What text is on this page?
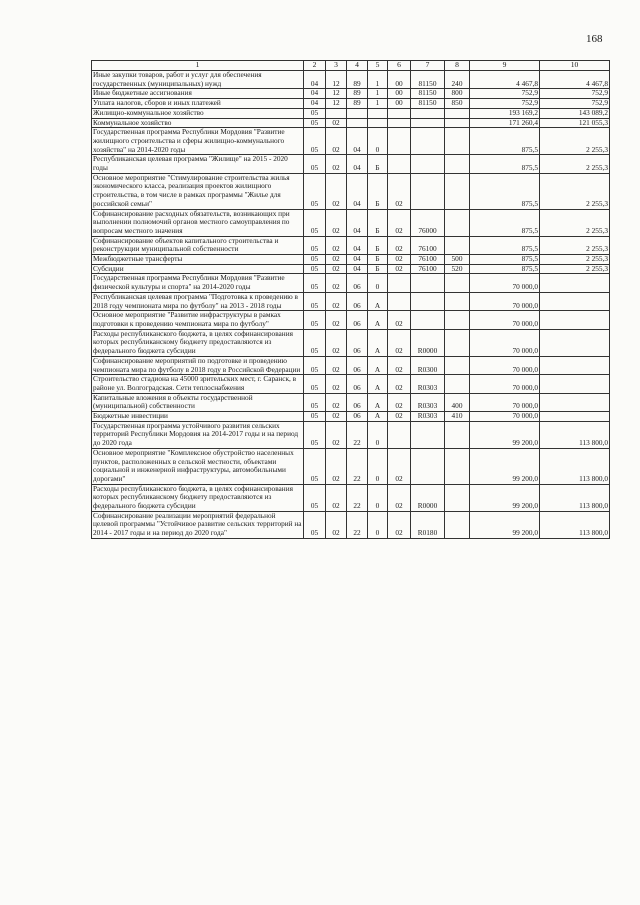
168
1	2	3	4	5	6	7	8	9	10
Иные закупки товаров, работ и услуг для обеспечения государственных (муниципальных) нужд	04	12	89	1	00	81150	240	4 467,8	4 467,8
Иные бюджетные ассигнования	04	12	89	1	00	81150	800	752,9	752,9
Уплата налогов, сборов и иных платежей	04	12	89	1	00	81150	850	752,9	752,9
Жилищно-коммунальное хозяйство	05							193 169,2	143 089,2
Коммунальное хозяйство	05	02						171 260,4	121 055,3
Государственная программа Республики Мордовия "Развитие жилищного строительства и сферы жилищно-коммунального хозяйства" на 2014-2020 годы	05	02	04	0				875,5	2 255,3
Республиканская целевая программа "Жилище" на 2015 - 2020 годы	05	02	04	Б				875,5	2 255,3
Основное мероприятие "Стимулирование строительства жилья экономического класса, реализация проектов жилищного строительства, в том числе в рамках программы "Жилье для российской семьи"	05	02	04	Б	02			875,5	2 255,3
Софинансирование расходных обязательств, возникающих при выполнении полномочий органов местного самоуправления по вопросам местного значения	05	02	04	Б	02	76000		875,5	2 255,3
Софинансирование объектов капитального строительства и реконструкции муниципальной собственности	05	02	04	Б	02	76100		875,5	2 255,3
Межбюджетные трансферты	05	02	04	Б	02	76100	500	875,5	2 255,3
Субсидии	05	02	04	Б	02	76100	520	875,5	2 255,3
Государственная программа Республики Мордовия "Развитие физической культуры и спорта" на 2014-2020 годы	05	02	06	0				70 000,0	
Республиканская целевая программа "Подготовка к проведению в 2018 году чемпионата мира по футболу" на 2013 - 2018 годы	05	02	06	А				70 000,0	
Основное мероприятие "Развитие инфраструктуры в рамках подготовки к проведению чемпионата мира по футболу"	05	02	06	А	02			70 000,0	
Расходы республиканского бюджета, в целях софинансирования которых республиканскому бюджету предоставляются из федерального бюджета субсидии	05	02	06	А	02	R0000		70 000,0	
Софинансирование мероприятий по подготовке и проведению чемпионата мира по футболу в 2018 году в Российской Федерации	05	02	06	А	02	R0300		70 000,0	
Строительство стадиона на 45000 зрительских мест, г. Саранск, в районе ул. Волгоградская. Сети теплоснабжения	05	02	06	А	02	R0303		70 000,0	
Капитальные вложения в объекты государственной (муниципальной) собственности	05	02	06	А	02	R0303	400	70 000,0	
Бюджетные инвестиции	05	02	06	А	02	R0303	410	70 000,0	
Государственная программа устойчивого развития сельских территорий Республики Мордовия на 2014-2017 годы и на период до 2020 года	05	02	22	0				99 200,0	113 800,0
Основное мероприятие "Комплексное обустройство населенных пунктов, расположенных в сельской местности, объектами социальной и инженерной инфраструктуры, автомобильными дорогами"	05	02	22	0	02			99 200,0	113 800,0
Расходы республиканского бюджета, в целях софинансирования которых республиканскому бюджету предоставляются из федерального бюджета субсидии	05	02	22	0	02	R0000		99 200,0	113 800,0
Софинансирование реализации мероприятий федеральной целевой программы "Устойчивое развитие сельских территорий на 2014 - 2017 годы и на период до 2020 года"	05	02	22	0	02	R0180		99 200,0	113 800,0
